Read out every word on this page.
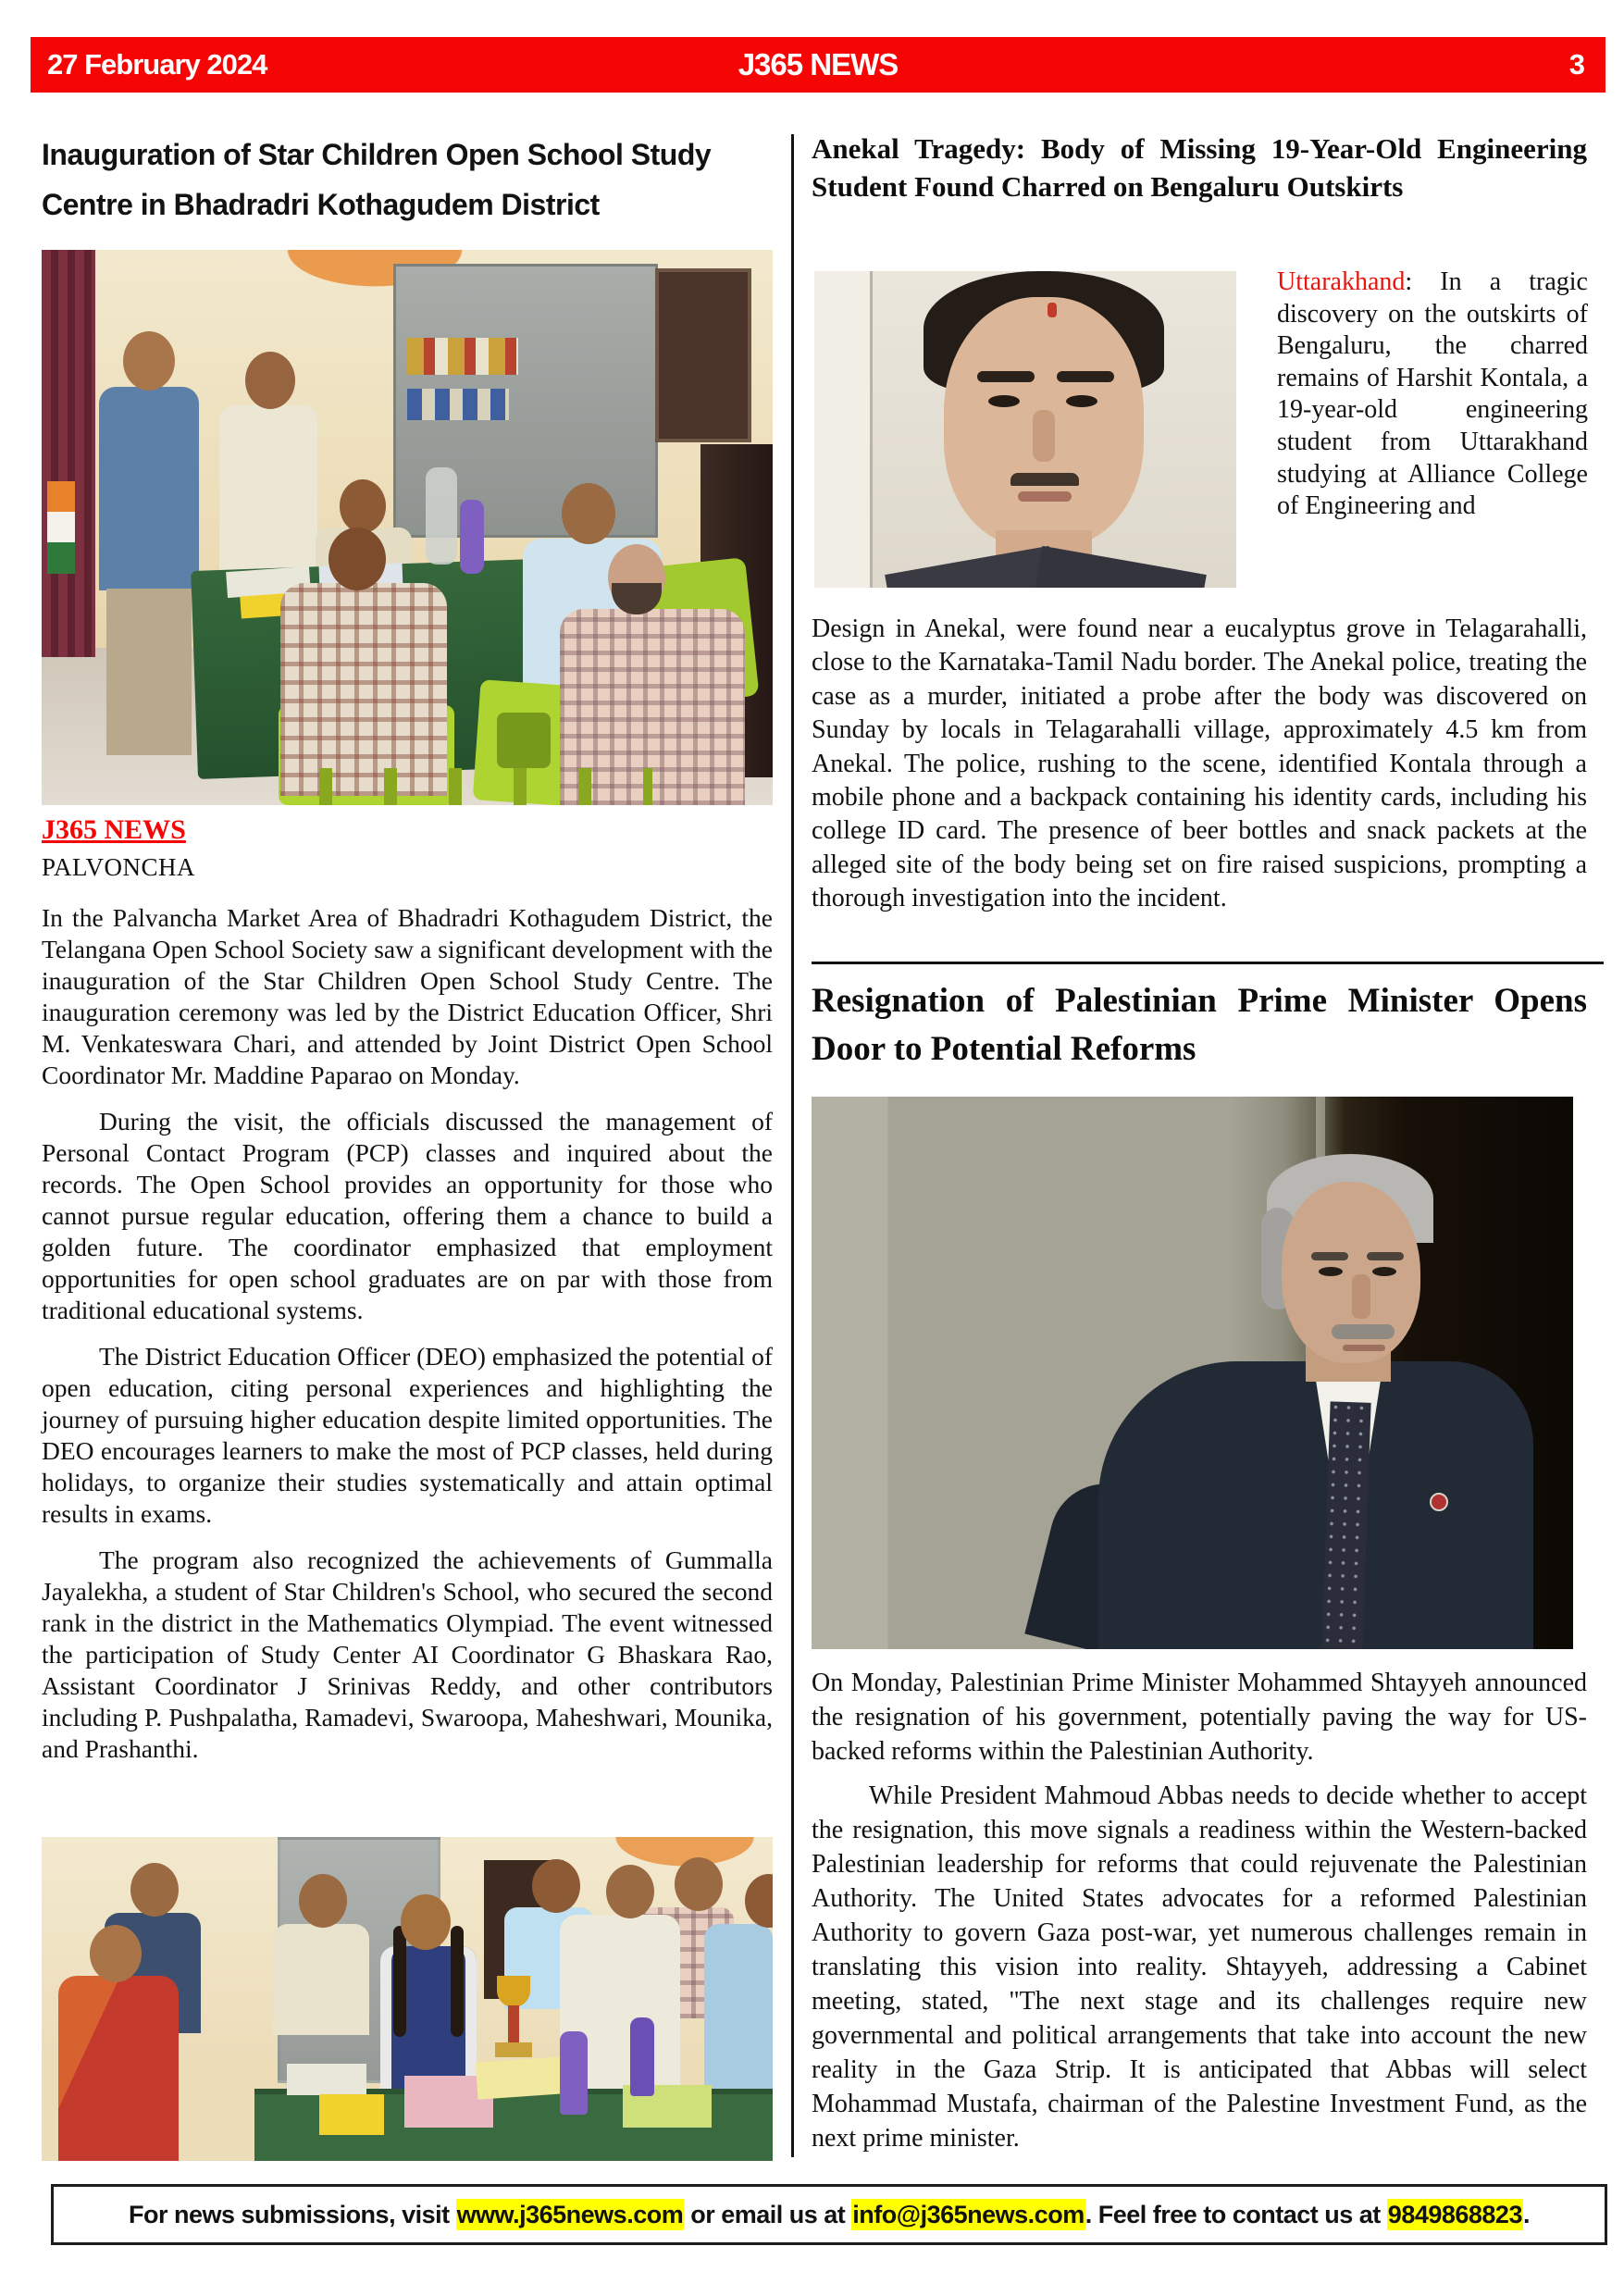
27 February 2024	J365 NEWS	3
Inauguration of Star Children Open School Study Centre in Bhadradri Kothagudem District
J365 NEWS
PALVONCHA

In the Palvancha Market Area of Bhadradri Kothagudem District, the Telangana Open School Society saw a significant development with the inauguration of the Star Children Open School Study Centre. The inauguration ceremony was led by the District Education Officer, Shri M. Venkateswara Chari, and attended by Joint District Open School Coordinator Mr. Maddine Paparao on Monday.

During the visit, the officials discussed the management of Personal Contact Program (PCP) classes and inquired about the records. The Open School provides an opportunity for those who cannot pursue regular education, offering them a chance to build a golden future. The coordinator emphasized that employment opportunities for open school graduates are on par with those from traditional educational systems.

The District Education Officer (DEO) emphasized the potential of open education, citing personal experiences and highlighting the journey of pursuing higher education despite limited opportunities. The DEO encourages learners to make the most of PCP classes, held during holidays, to organize their studies systematically and attain optimal results in exams.

The program also recognized the achievements of Gummalla Jayalekha, a student of Star Children's School, who secured the second rank in the district in the Mathematics Olympiad. The event witnessed the participation of Study Center AI Coordinator G Bhaskara Rao, Assistant Coordinator J Srinivas Reddy, and other contributors including P. Pushpalatha, Ramadevi, Swaroopa, Maheshwari, Mounika, and Prashanthi.

Anekal Tragedy: Body of Missing 19-Year-Old Engineering Student Found Charred on Bengaluru Outskirts
Uttarakhand: In a tragic discovery on the outskirts of Bengaluru, the charred remains of Harshit Kontala, a 19-year-old engineering student from Uttarakhand studying at Alliance College of Engineering and
Design in Anekal, were found near a eucalyptus grove in Telagarahalli, close to the Karnataka-Tamil Nadu border. The Anekal police, treating the case as a murder, initiated a probe after the body was discovered on Sunday by locals in Telagarahalli village, approximately 4.5 km from Anekal. The police, rushing to the scene, identified Kontala through a mobile phone and a backpack containing his identity cards, including his college ID card. The presence of beer bottles and snack packets at the alleged site of the body being set on fire raised suspicions, prompting a thorough investigation into the incident.
Resignation of Palestinian Prime Minister Opens Door to Potential Reforms
On Monday, Palestinian Prime Minister Mohammed Shtayyeh announced the resignation of his government, potentially paving the way for US-backed reforms within the Palestinian Authority.
While President Mahmoud Abbas needs to decide whether to accept the resignation, this move signals a readiness within the Western-backed Palestinian leadership for reforms that could rejuvenate the Palestinian Authority. The United States advocates for a reformed Palestinian Authority to govern Gaza post-war, yet numerous challenges remain in translating this vision into reality. Shtayyeh, addressing a Cabinet meeting, stated, "The next stage and its challenges require new governmental and political arrangements that take into account the new reality in the Gaza Strip. It is anticipated that Abbas will select Mohammad Mustafa, chairman of the Palestine Investment Fund, as the next prime minister.
For news submissions, visit www.j365news.com or email us at info@j365news.com. Feel free to contact us at 9849868823.
